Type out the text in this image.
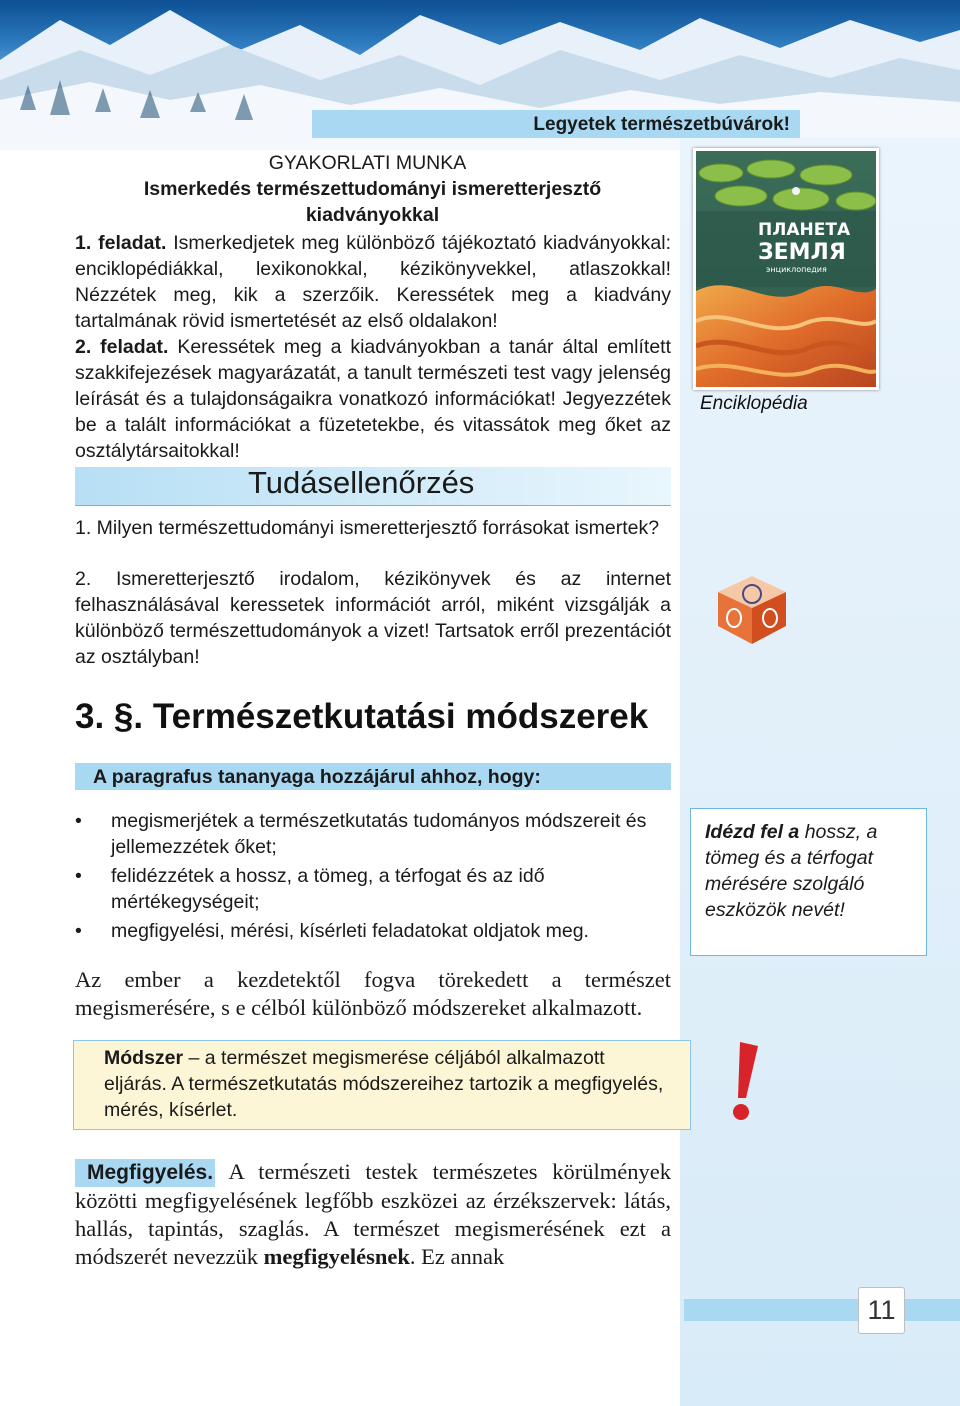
Legyetek természetbúvárok!
GYAKORLATI MUNKA
Ismerkedés természettudományi ismeretterjesztő kiadványokkal
1. feladat. Ismerkedjetek meg különböző tájékoztató kiadványokkal: enciklopédiákkal, lexikonokkal, kézikönyvekkel, atlaszokkal! Nézzétek meg, kik a szerzőik. Keressétek meg a kiadvány tartalmának rövid ismertetését az első oldalakon!
2. feladat. Keressétek meg a kiadványokban a tanár által említett szakkifejezések magyarázatát, a tanult természeti test vagy jelenség leírását és a tulajdonságaikra vonatkozó információkat! Jegyezzétek be a talált információkat a füzetetekbe, és vitassátok meg őket az osztálytársaitokkal!
ПЛАНЕТА
ЗЕМЛЯ
энциклопедия
Enciklopédia
Tudásellenőrzés
1. Milyen természettudományi ismeretterjesztő forrásokat ismertek?
2. Ismeretterjesztő irodalom, kézikönyvek és az internet felhasználásával keressetek információt arról, miként vizsgálják a különböző természettudományok a vizet! Tartsatok erről prezentációt az osztályban!
3. §. Természetkutatási módszerek
A paragrafus tananyaga hozzájárul ahhoz, hogy:
• megismerjétek a természetkutatás tudományos módszereit és jellemezzétek őket;
• felidézzétek a hossz, a tömeg, a térfogat és az idő mértékegységeit;
• megfigyelési, mérési, kísérleti feladatokat oldjatok meg.
Idézd fel a hossz, a tömeg és a térfogat mérésére szolgáló eszközök nevét!
Az ember a kezdetektől fogva törekedett a természet megismerésére, s e célból különböző módszereket alkalmazott.
Módszer – a természet megismerése céljából alkalmazott eljárás. A természetkutatás módszereihez tartozik a megfigyelés, mérés, kísérlet.
Megfigyelés. A természeti testek természetes körülmények közötti megfigyelésének legfőbb eszközei az érzékszervek: látás, hallás, tapintás, szaglás. A természet megismerésének ezt a módszerét nevezzük megfigyelésnek. Ez annak
11
